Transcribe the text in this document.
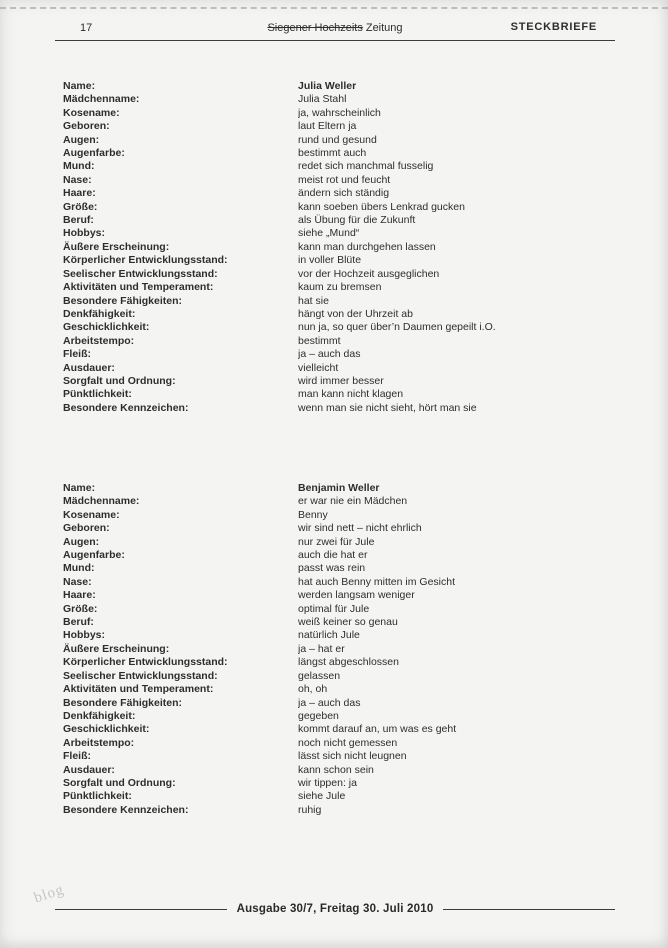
17	Siegener Hochzeits Zeitung	STECKBRIEFE
Name:	Julia Weller
Mädchenname:	Julia Stahl
Kosename:	ja, wahrscheinlich
Geboren:	laut Eltern ja
Augen:	rund und gesund
Augenfarbe:	bestimmt auch
Mund:	redet sich manchmal fusselig
Nase:	meist rot und feucht
Haare:	ändern sich ständig
Größe:	kann soeben übers Lenkrad gucken
Beruf:	als Übung für die Zukunft
Hobbys:	siehe „Mund“
Äußere Erscheinung:	kann man durchgehen lassen
Körperlicher Entwicklungsstand:	in voller Blüte
Seelischer Entwicklungsstand:	vor der Hochzeit ausgeglichen
Aktivitäten und Temperament:	kaum zu bremsen
Besondere Fähigkeiten:	hat sie
Denkfähigkeit:	hängt von der Uhrzeit ab
Geschicklichkeit:	nun ja, so quer über’n Daumen gepeilt i.O.
Arbeitstempo:	bestimmt
Fleiß:	ja – auch das
Ausdauer:	vielleicht
Sorgfalt und Ordnung:	wird immer besser
Pünktlichkeit:	man kann nicht klagen
Besondere Kennzeichen:	wenn man sie nicht sieht, hört man sie
Name:	Benjamin Weller
Mädchenname:	er war nie ein Mädchen
Kosename:	Benny
Geboren:	wir sind nett – nicht ehrlich
Augen:	nur zwei für Jule
Augenfarbe:	auch die hat er
Mund:	passt was rein
Nase:	hat auch Benny mitten im Gesicht
Haare:	werden langsam weniger
Größe:	optimal für Jule
Beruf:	weiß keiner so genau
Hobbys:	natürlich Jule
Äußere Erscheinung:	ja – hat er
Körperlicher Entwicklungsstand:	längst abgeschlossen
Seelischer Entwicklungsstand:	gelassen
Aktivitäten und Temperament:	oh, oh
Besondere Fähigkeiten:	ja – auch das
Denkfähigkeit:	gegeben
Geschicklichkeit:	kommt darauf an, um was es geht
Arbeitstempo:	noch nicht gemessen
Fleiß:	lässt sich nicht leugnen
Ausdauer:	kann schon sein
Sorgfalt und Ordnung:	wir tippen: ja
Pünktlichkeit:	siehe Jule
Besondere Kennzeichen:	ruhig
blog
Ausgabe 30/7, Freitag 30. Juli 2010
